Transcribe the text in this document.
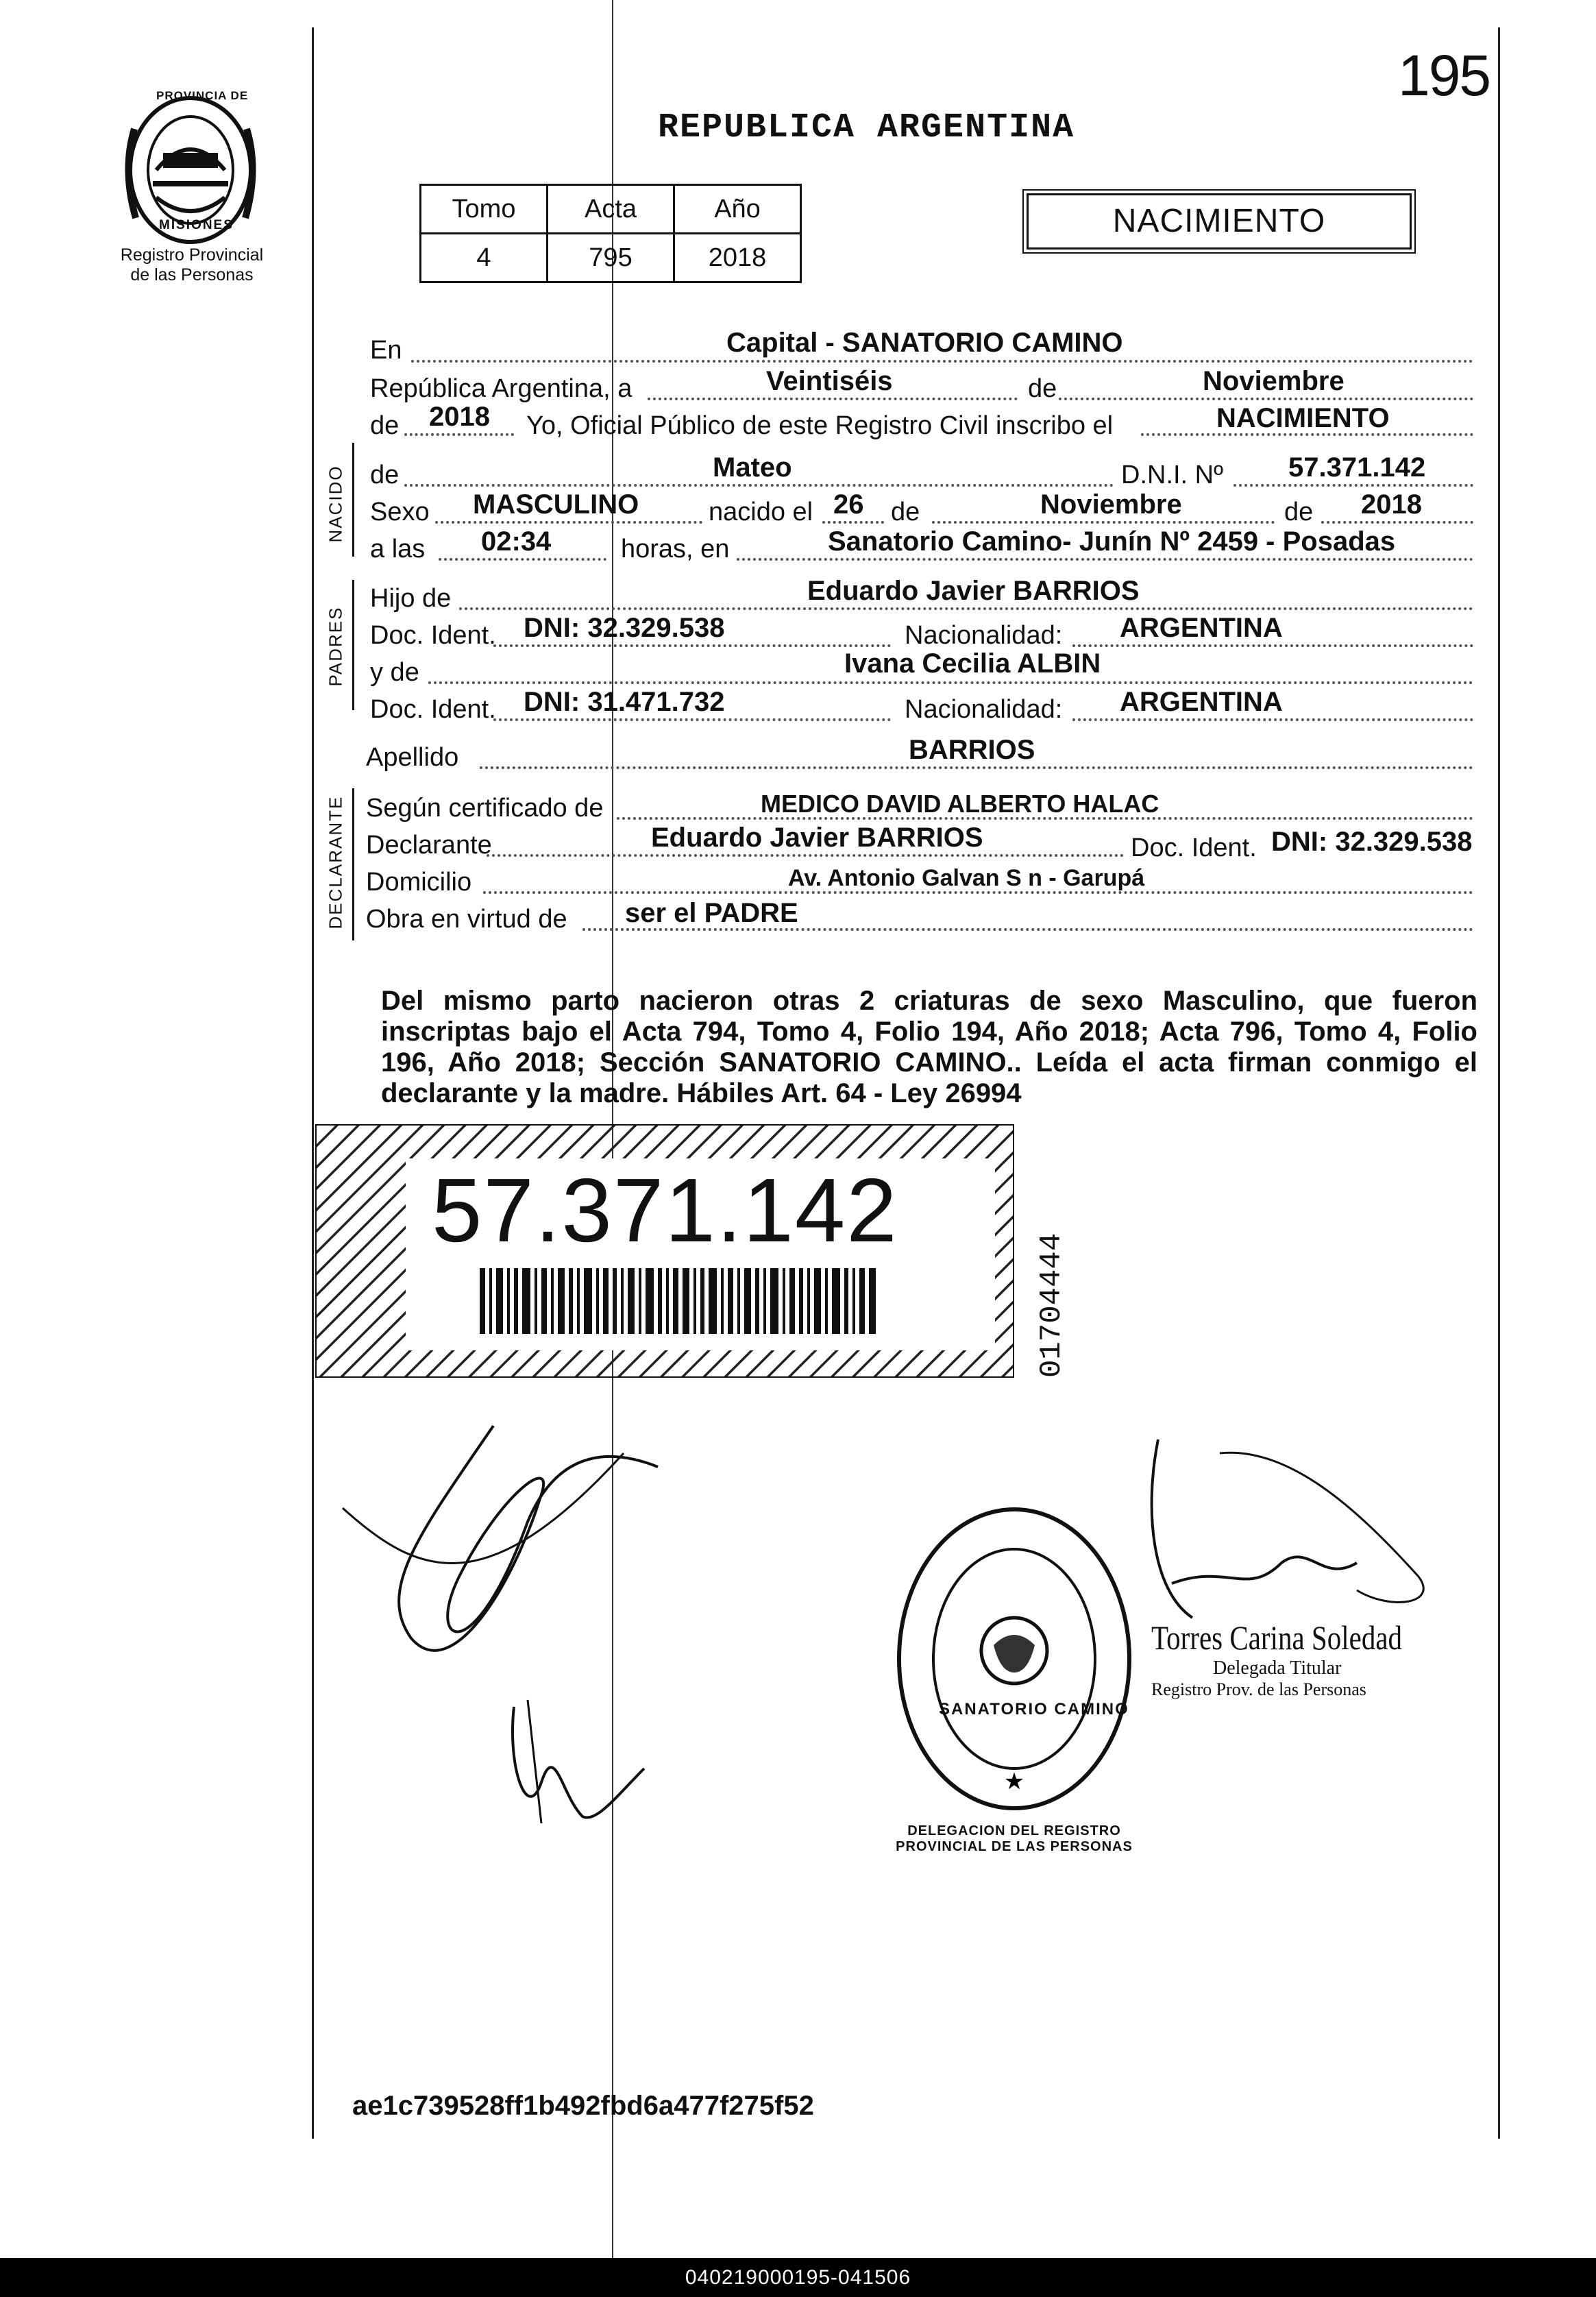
195
PROVINCIA DE
MISIONES
Registro Provincial
de las Personas
REPUBLICA ARGENTINA
Tomo	Acta	Año
4	795	2018
NACIMIENTO
En	Capital - SANATORIO CAMINO
República Argentina, a	Veintiséis	de	Noviembre
de 2018 Yo, Oficial Público de este Registro Civil inscribo el	NACIMIENTO
NACIDO de	Mateo	D.N.I. Nº 57.371.142
Sexo MASCULINO	nacido el 26 de	Noviembre	de 2018
a las 02:34	horas, en	Sanatorio Camino- Junín Nº 2459 - Posadas
PADRES
Hijo de	Eduardo Javier BARRIOS
Doc. Ident. DNI: 32.329.538	Nacionalidad: ARGENTINA
y de	Ivana Cecilia ALBIN
Doc. Ident. DNI: 31.471.732	Nacionalidad: ARGENTINA
Apellido	BARRIOS
DECLARANTE Según certificado de	MEDICO DAVID ALBERTO HALAC
Declarante	Eduardo Javier BARRIOS	Doc. Ident. DNI: 32.329.538
Domicilio	Av. Antonio Galvan S n - Garupá
Obra en virtud de ser el PADRE
Del mismo parto nacieron otras 2 criaturas de sexo Masculino, que fueron inscriptas bajo el Acta 794, Tomo 4, Folio 194, Año 2018; Acta 796, Tomo 4, Folio 196, Año 2018; Sección SANATORIO CAMINO.. Leída el acta firman conmigo el declarante y la madre. Hábiles Art. 64 - Ley 26994
57.371.142
01704444
★
DELEGACION DEL REGISTRO PROVINCIAL DE LAS PERSONAS
SANATORIO CAMINO
Torres Carina Soledad
Delegada Titular
Registro Prov. de las Personas
ae1c739528ff1b492fbd6a477f275f52
040219000195-041506
